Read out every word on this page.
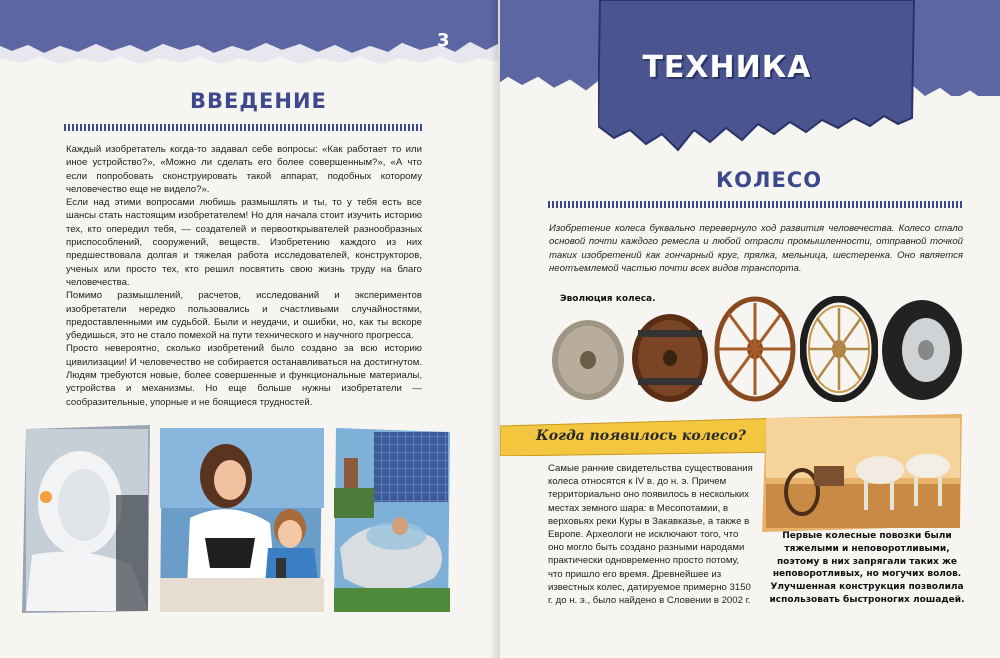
3
ВВЕДЕНИЕ

Каждый изобретатель когда-то задавал себе вопросы: «Как работает то или иное устройство?», «Можно ли сделать его более совершенным?», «А что если попробовать сконструировать такой аппарат, подобных которому человечество еще не видело?».

Если над этими вопросами любишь размышлять и ты, то у тебя есть все шансы стать настоящим изобретателем! Но для начала стоит изучить историю тех, кто опередил тебя, — создателей и первооткрывателей разнообразных приспособлений, сооружений, веществ. Изобретению каждого из них предшествовала долгая и тяжелая работа исследователей, конструкторов, ученых или просто тех, кто решил посвятить свою жизнь труду на благо человечества.

Помимо размышлений, расчетов, исследований и экспериментов изобретатели нередко пользовались и счастливыми случайностями, предоставленными им судьбой. Были и неудачи, и ошибки, но, как ты вскоре убедишься, это не стало помехой на пути технического и научного прогресса.

Просто невероятно, сколько изобретений было создано за всю историю цивилизации! И человечество не собирается останавливаться на достигнутом. Людям требуются новые, более совершенные и функциональные материалы, устройства и механизмы. Но еще больше нужны изобретатели — сообразительные, упорные и не боящиеся трудностей.

ТЕХНИКА
КОЛЕСО

Изобретение колеса буквально перевернуло ход развития человечества. Колесо стало основой почти каждого ремесла и любой отрасли промышленности, отправной точкой таких изобретений как гончарный круг, прялка, мельница, шестеренка. Оно является неотъемлемой частью почти всех видов транспорта.

Эволюция колеса.
Когда появилось колесо?

Самые ранние свидетельства существования колеса относятся к IV в. до н. э. Причем территориально оно появилось в нескольких местах земного шара: в Месопотамии, в верховьях реки Куры в Закавказье, а также в Европе. Археологи не исключают того, что оно могло быть создано разными народами практически одновременно просто потому, что пришло его время. Древнейшее из известных колес, датируемое примерно 3150 г. до н. э., было найдено в Словении в 2002 г.

Первые колесные повозки были тяжелыми и неповоротливыми, поэтому в них запрягали таких же неповоротливых, но могучих волов. Улучшенная конструкция позволила использовать быстроногих лошадей.
